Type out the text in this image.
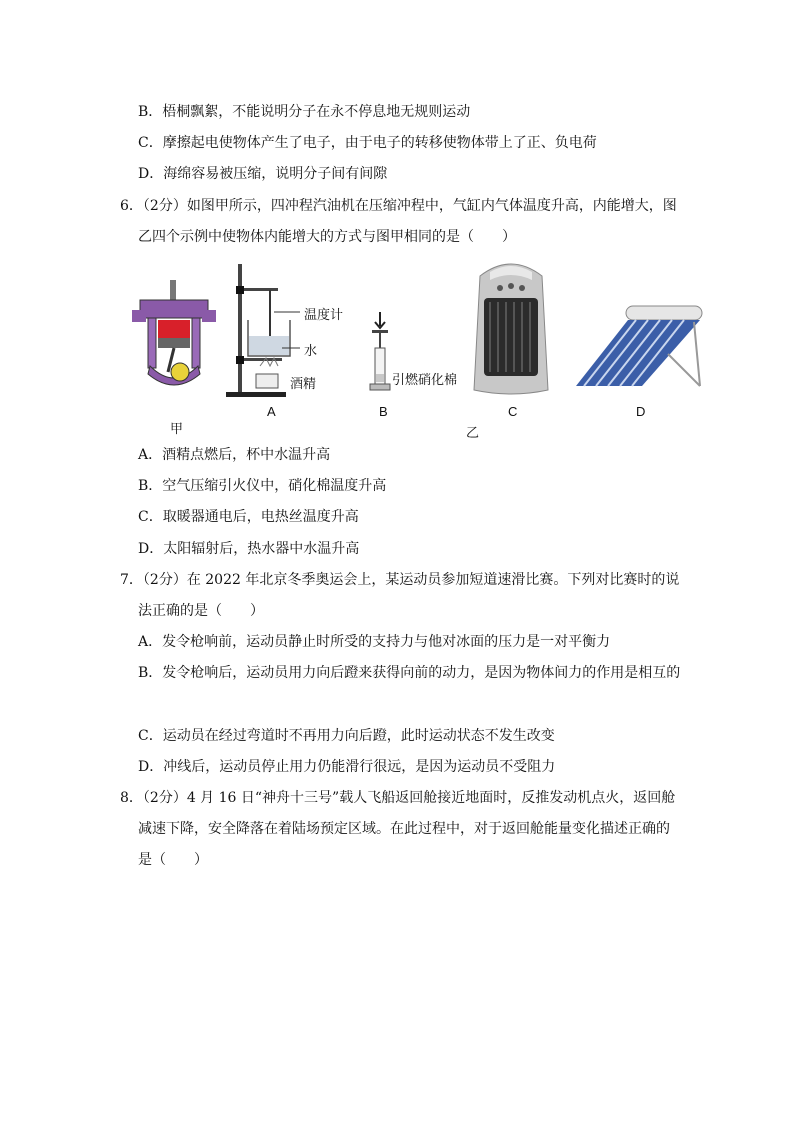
B．梧桐飘絮，不能说明分子在永不停息地无规则运动
C．摩擦起电使物体产生了电子，由于电子的转移使物体带上了正、负电荷
D．海绵容易被压缩，说明分子间有间隙
6．（2分）如图甲所示，四冲程汽油机在压缩冲程中，气缸内气体温度升高，内能增大，图
乙四个示例中使物体内能增大的方式与图甲相同的是（　　）
甲
温度计
水
酒精
A
引燃硝化棉
B	C
乙
D
A．酒精点燃后，杯中水温升高
B．空气压缩引火仪中，硝化棉温度升高
C．取暖器通电后，电热丝温度升高
D．太阳辐射后，热水器中水温升高
7．（2分）在 2022 年北京冬季奥运会上，某运动员参加短道速滑比赛。下列对比赛时的说
法正确的是（　　）
A．发令枪响前，运动员静止时所受的支持力与他对冰面的压力是一对平衡力
B．发令枪响后，运动员用力向后蹬来获得向前的动力，是因为物体间力的作用是相互的
C．运动员在经过弯道时不再用力向后蹬，此时运动状态不发生改变
D．冲线后，运动员停止用力仍能滑行很远，是因为运动员不受阻力
8．（2分）4 月 16 日“神舟十三号”载人飞船返回舱接近地面时，反推发动机点火，返回舱
减速下降，安全降落在着陆场预定区域。在此过程中，对于返回舱能量变化描述正确的
是（　　）
